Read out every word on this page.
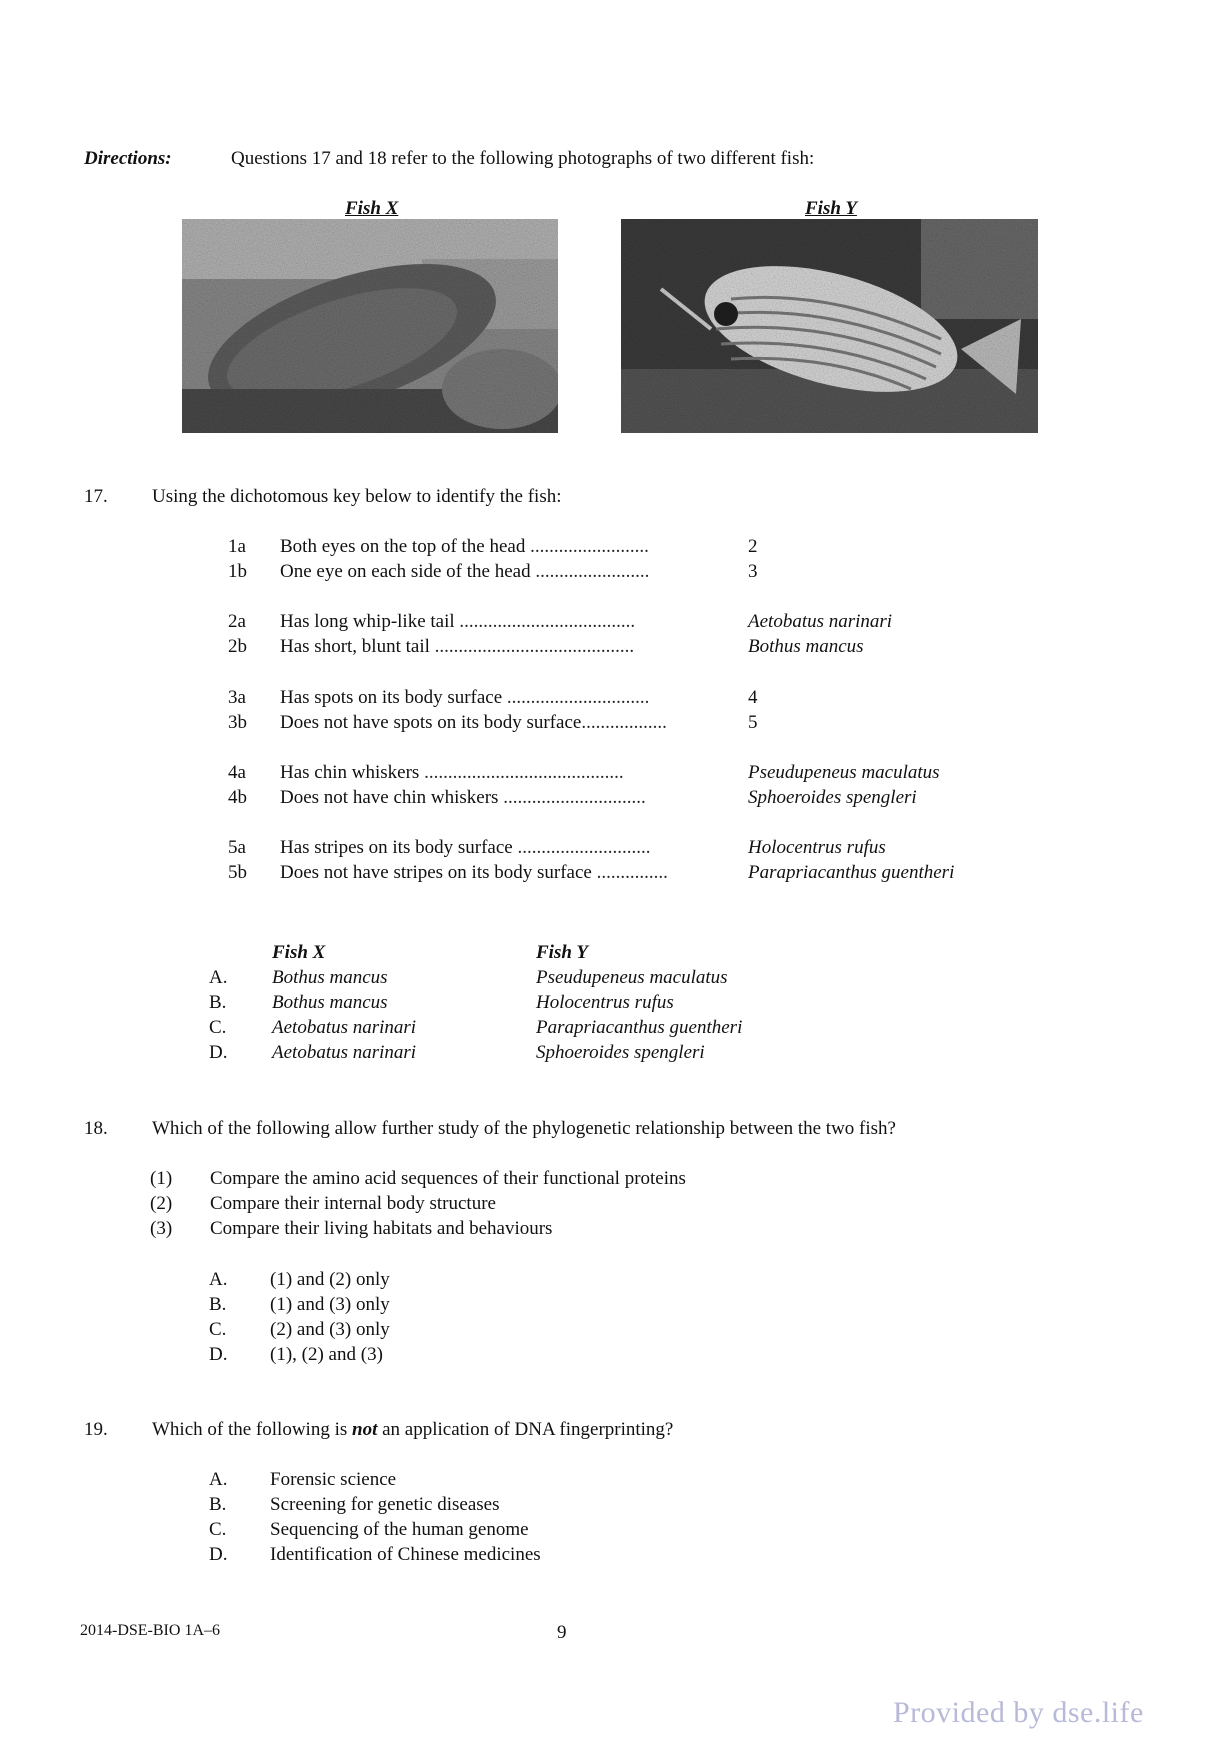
Directions:	Questions 17 and 18 refer to the following photographs of two different fish:
Fish X	Fish Y
17. Using the dichotomous key below to identify the fish:
1a Both eyes on the top of the head .........................	2
1b One eye on each side of the head ........................	3
2a Has long whip-like tail .....................................	Aetobatus narinari
2b Has short, blunt tail ..........................................	Bothus mancus
3a Has spots on its body surface ..............................	4
3b Does not have spots on its body surface..................	5
4a Has chin whiskers ..........................................	Pseudupeneus maculatus
4b Does not have chin whiskers ..............................	Sphoeroides spengleri
5a Has stripes on its body surface ............................	Holocentrus rufus
5b Does not have stripes on its body surface ...............	Parapriacanthus guentheri
Fish X	Fish Y
A. Bothus mancus	Pseudupeneus maculatus
B. Bothus mancus	Holocentrus rufus
C. Aetobatus narinari	Parapriacanthus guentheri
D. Aetobatus narinari	Sphoeroides spengleri
18. Which of the following allow further study of the phylogenetic relationship between the two fish?
(1) Compare the amino acid sequences of their functional proteins
(2) Compare their internal body structure
(3) Compare their living habitats and behaviours
A. (1) and (2) only
B. (1) and (3) only
C. (2) and (3) only
D. (1), (2) and (3)
19. Which of the following is not an application of DNA fingerprinting?
A. Forensic science
B. Screening for genetic diseases
C. Sequencing of the human genome
D. Identification of Chinese medicines
2014-DSE-BIO 1A–6	9
Provided by dse.life
